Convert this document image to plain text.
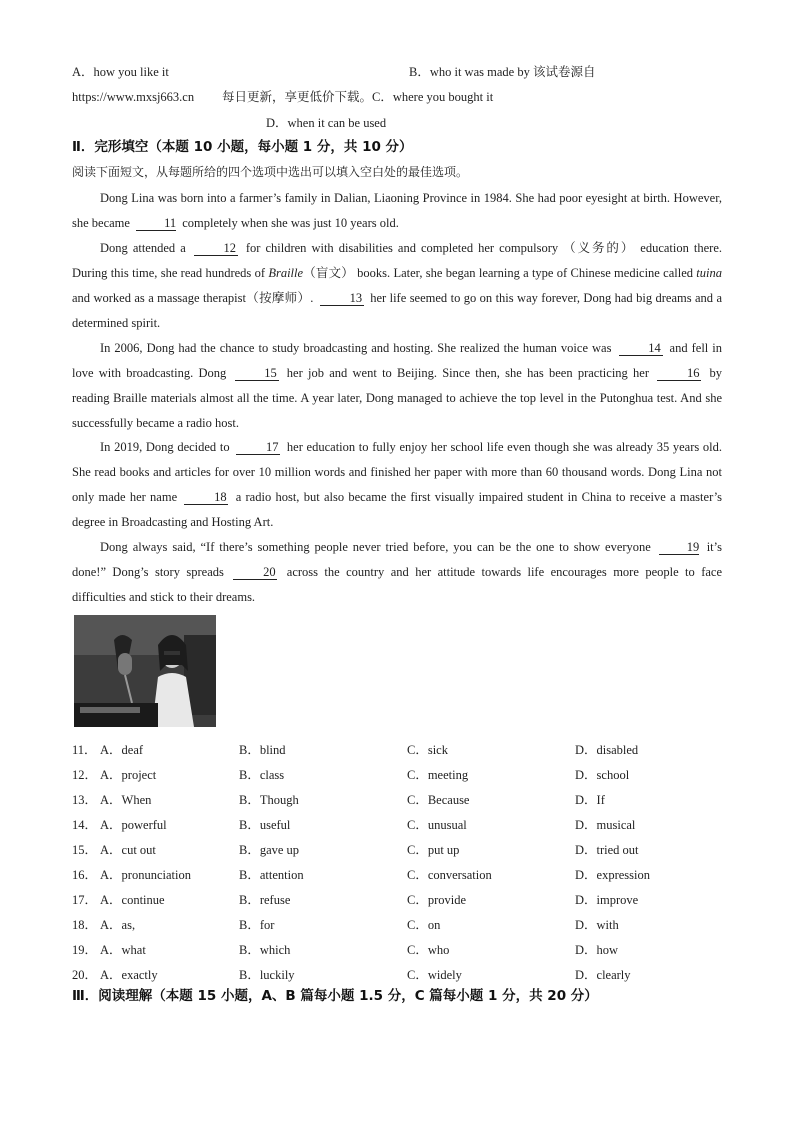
A．how you like it	B．who it was made by 该试卷源自
https://www.mxsj663.cn 每日更新，享更低价下载。C．where you bought it
D．when it can be used
Ⅱ．完形填空（本题 10 小题，每小题 1 分，共 10 分）
阅读下面短文，从每题所给的四个选项中选出可以填入空白处的最佳选项。
Dong Lina was born into a farmer’s family in Dalian, Liaoning Province in 1984. She had poor eyesight at birth. However, she became	11 completely when she was just 10 years old.
Dong attended a	12 for children with disabilities and completed her compulsory （义务的） education there. During this time, she read hundreds of Braille（盲文） books. Later, she began learning a type of Chinese medicine called tuina and worked as a massage therapist（按摩师）.	13 her life seemed to go on this way forever, Dong had big dreams and a determined spirit.
In 2006, Dong had the chance to study broadcasting and hosting. She realized the human voice was	14 and fell in love with broadcasting. Dong	15 her job and went to Beijing. Since then, she has been practicing her	16 by reading Braille materials almost all the time. A year later, Dong managed to achieve the top level in the Putonghua test. And she successfully became a radio host.
In 2019, Dong decided to	17 her education to fully enjoy her school life even though she was already 35 years old. She read books and articles for over 10 million words and finished her paper with more than 60 thousand words. Dong Lina not only made her name	18 a radio host, but also became the first visually impaired student in China to receive a master’s degree in Broadcasting and Hosting Art.
Dong always said, “If there’s something people never tried before, you can be the one to show everyone	19 it’s done!” Dong’s story spreads	20 across the country and her attitude towards life encourages more people to face difficulties and stick to their dreams.
11． A．deaf	B．blind	C．sick	D．disabled
12． A．project	B．class	C．meeting	D．school
13． A．When	B．Though	C．Because	D．If
14． A．powerful	B．useful	C．unusual	D．musical
15． A．cut out	B．gave up	C．put up	D．tried out
16． A．pronunciation	B．attention	C．conversation	D．expression
17． A．continue	B．refuse	C．provide	D．improve
18． A．as,	B．for	C．on	D．with
19． A．what	B．which	C．who	D．how
20． A．exactly	B．luckily	C．widely	D．clearly
Ⅲ．阅读理解（本题 15 小题，A、B 篇每小题 1.5 分，C 篇每小题 1 分，共 20 分）
